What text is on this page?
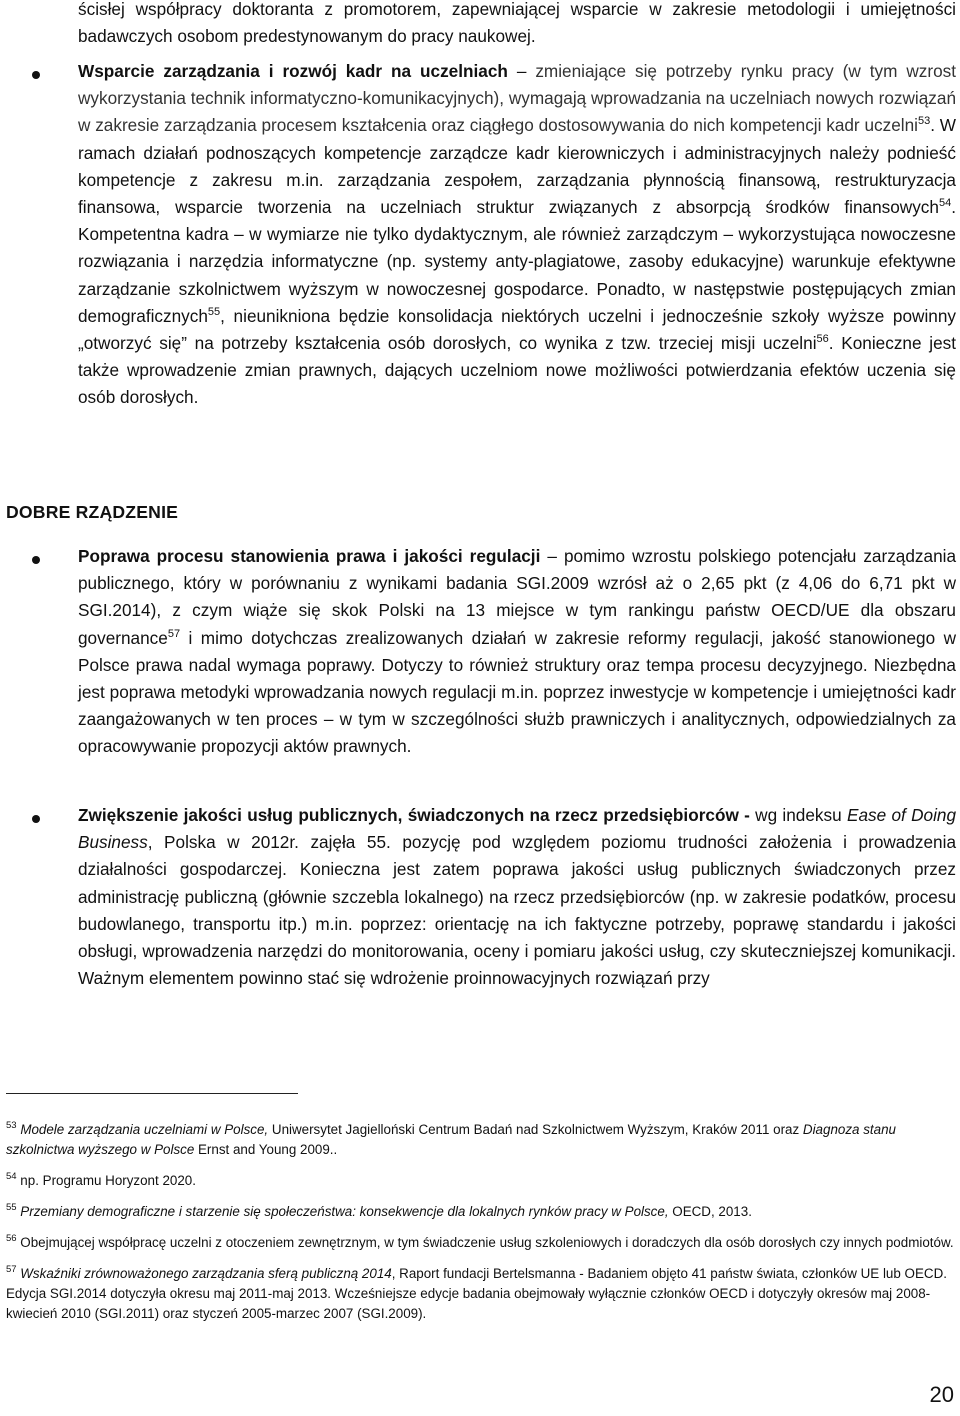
ścisłej współpracy doktoranta z promotorem, zapewniającej wsparcie w zakresie metodologii i umiejętności badawczych osobom predestynowanym do pracy naukowej.
Wsparcie zarządzania i rozwój kadr na uczelniach – zmieniające się potrzeby rynku pracy (w tym wzrost wykorzystania technik informatyczno-komunikacyjnych), wymagają wprowadzania na uczelniach nowych rozwiązań w zakresie zarządzania procesem kształcenia oraz ciągłego dostosowywania do nich kompetencji kadr uczelni$^{53}$. W ramach działań podnoszących kompetencje zarządcze kadr kierowniczych i administracyjnych należy podnieść kompetencje z zakresu m.in. zarządzania zespołem, zarządzania płynnością finansową, restrukturyzacja finansowa, wsparcie tworzenia na uczelniach struktur związanych z absorpcją środków finansowych$^{54}$. Kompetentna kadra – w wymiarze nie tylko dydaktycznym, ale również zarządczym – wykorzystująca nowoczesne rozwiązania i narzędzia informatyczne (np. systemy anty-plagiatowe, zasoby edukacyjne) warunkuje efektywne zarządzanie szkolnictwem wyższym w nowoczesnej gospodarce. Ponadto, w następstwie postępujących zmian demograficznych$^{55}$, nieunikniona będzie konsolidacja niektórych uczelni i jednocześnie szkoły wyższe powinny „otworzyć się” na potrzeby kształcenia osób dorosłych, co wynika z tzw. trzeciej misji uczelni$^{56}$. Konieczne jest także wprowadzenie zmian prawnych, dających uczelniom nowe możliwości potwierdzania efektów uczenia się osób dorosłych.
DOBRE RZĄDZENIE
Poprawa procesu stanowienia prawa i jakości regulacji – pomimo wzrostu polskiego potencjału zarządzania publicznego, który w porównaniu z wynikami badania SGI.2009 wzrósł aż o 2,65 pkt (z 4,06 do 6,71 pkt w SGI.2014), z czym wiąże się skok Polski na 13 miejsce w tym rankingu państw OECD/UE dla obszaru governance$^{57}$ i mimo dotychczas zrealizowanych działań w zakresie reformy regulacji, jakość stanowionego w Polsce prawa nadal wymaga poprawy. Dotyczy to również struktury oraz tempa procesu decyzyjnego. Niezbędna jest poprawa metodyki wprowadzania nowych regulacji m.in. poprzez inwestycje w kompetencje i umiejętności kadr zaangażowanych w ten proces – w tym w szczególności służb prawniczych i analitycznych, odpowiedzialnych za opracowywanie propozycji aktów prawnych.
Zwiększenie jakości usług publicznych, świadczonych na rzecz przedsiębiorców - wg indeksu Ease of Doing Business, Polska w 2012r. zajęła 55. pozycję pod względem poziomu trudności założenia i prowadzenia działalności gospodarczej. Konieczna jest zatem poprawa jakości usług publicznych świadczonych przez administrację publiczną (głównie szczebla lokalnego) na rzecz przedsiębiorców (np. w zakresie podatków, procesu budowlanego, transportu itp.) m.in. poprzez: orientację na ich faktyczne potrzeby, poprawę standardu i jakości obsługi, wprowadzenia narzędzi do monitorowania, oceny i pomiaru jakości usług, czy skuteczniejszej komunikacji. Ważnym elementem powinno stać się wdrożenie proinnowacyjnych rozwiązań przy
$^{53}$ Modele zarządzania uczelniami w Polsce, Uniwersytet Jagielloński Centrum Badań nad Szkolnictwem Wyższym, Kraków 2011 oraz Diagnoza stanu szkolnictwa wyższego w Polsce Ernst and Young 2009..
$^{54}$ np. Programu Horyzont 2020.
$^{55}$ Przemiany demograficzne i starzenie się społeczeństwa: konsekwencje dla lokalnych rynków pracy w Polsce, OECD, 2013.
$^{56}$ Obejmującej współpracę uczelni z otoczeniem zewnętrznym, w tym świadczenie usług szkoleniowych i doradczych dla osób dorosłych czy innych podmiotów.
$^{57}$ Wskaźniki zrównoważonego zarządzania sferą publiczną 2014, Raport fundacji Bertelsmanna - Badaniem objęto 41 państw świata, członków UE lub OECD. Edycja SGI.2014 dotyczyła okresu maj 2011-maj 2013. Wcześniejsze edycje badania obejmowały wyłącznie członków OECD i dotyczyły okresów maj 2008-kwiecień 2010 (SGI.2011) oraz styczeń 2005-marzec 2007 (SGI.2009).
20
